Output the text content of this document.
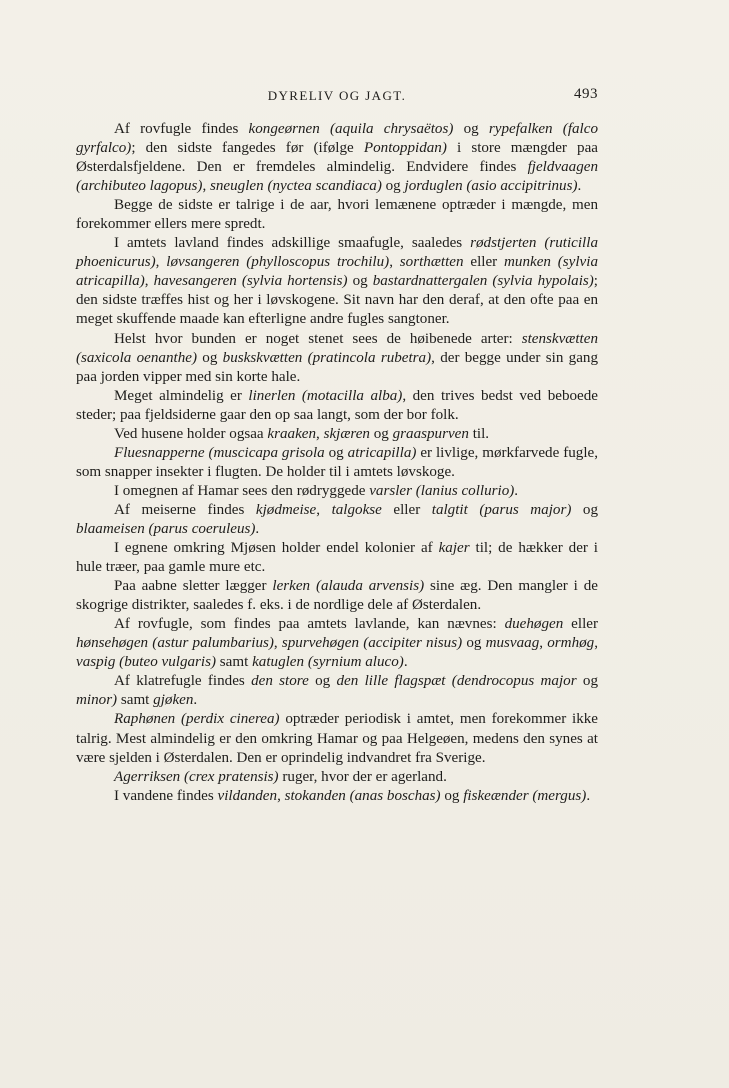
DYRELIV OG JAGT.	493

Af rovfugle findes kongeørnen (aquila chrysaëtos) og rypefalken (falco gyrfalco); den sidste fangedes før (ifølge Pontoppidan) i store mængder paa Østerdalsfjeldene. Den er fremdeles almindelig. Endvidere findes fjeldvaagen (archibuteo lagopus), sneuglen (nyctea scandiaca) og jorduglen (asio accipitrinus).

Begge de sidste er talrige i de aar, hvori lemænene optræder i mængde, men forekommer ellers mere spredt.

I amtets lavland findes adskillige smaafugle, saaledes rødstjerten (ruticilla phoenicurus), løvsangeren (phylloscopus trochilu), sorthætten eller munken (sylvia atricapilla), havesangeren (sylvia hortensis) og bastardnattergalen (sylvia hypolais); den sidste træffes hist og her i løvskogene. Sit navn har den deraf, at den ofte paa en meget skuffende maade kan efterligne andre fugles sangtoner.

Helst hvor bunden er noget stenet sees de høibenede arter: stenskvætten (saxicola oenanthe) og buskskvætten (pratincola rubetra), der begge under sin gang paa jorden vipper med sin korte hale.

Meget almindelig er linerlen (motacilla alba), den trives bedst ved beboede steder; paa fjeldsiderne gaar den op saa langt, som der bor folk.

Ved husene holder ogsaa kraaken, skjæren og graaspurven til.

Fluesnapperne (muscicapa grisola og atricapilla) er livlige, mørkfarvede fugle, som snapper insekter i flugten. De holder til i amtets løvskoge.

I omegnen af Hamar sees den rødryggede varsler (lanius collurio).

Af meiserne findes kjødmeise, talgokse eller talgtit (parus major) og blaameisen (parus coeruleus).

I egnene omkring Mjøsen holder endel kolonier af kajer til; de hækker der i hule træer, paa gamle mure etc.

Paa aabne sletter lægger lerken (alauda arvensis) sine æg. Den mangler i de skogrige distrikter, saaledes f. eks. i de nordlige dele af Østerdalen.

Af rovfugle, som findes paa amtets lavlande, kan nævnes: duehøgen eller hønsehøgen (astur palumbarius), spurvehøgen (accipiter nisus) og musvaag, ormhøg, vaspig (buteo vulgaris) samt katuglen (syrnium aluco).

Af klatrefugle findes den store og den lille flagspæt (dendrocopus major og minor) samt gjøken.

Raphønen (perdix cinerea) optræder periodisk i amtet, men forekommer ikke talrig. Mest almindelig er den omkring Hamar og paa Helgeøen, medens den synes at være sjelden i Østerdalen. Den er oprindelig indvandret fra Sverige.

Agerriksen (crex pratensis) ruger, hvor der er agerland.

I vandene findes vildanden, stokanden (anas boschas) og fiskeænder (mergus).
